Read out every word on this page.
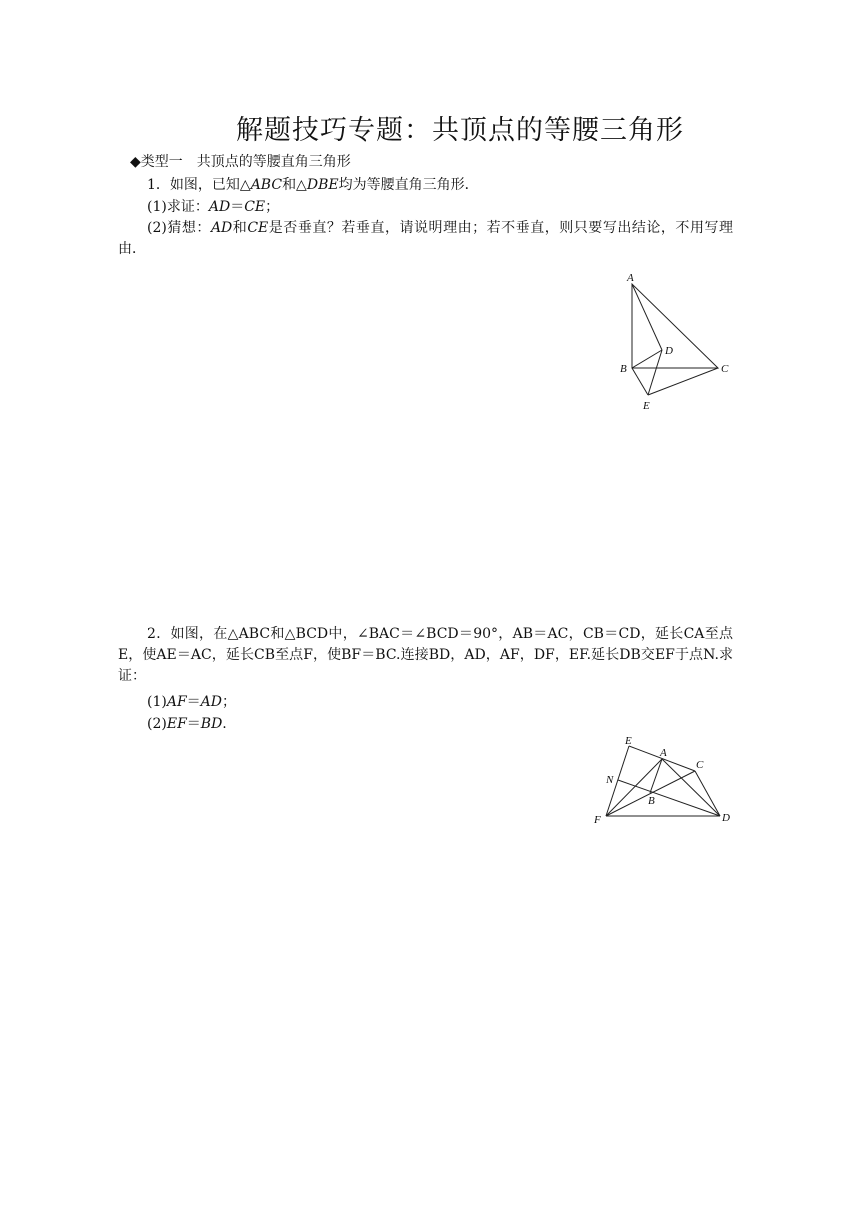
解题技巧专题：共顶点的等腰三角形
◆类型一　共顶点的等腰直角三角形
1．如图，已知△ABC和△DBE均为等腰直角三角形．
(1)求证：AD＝CE；
(2)猜想：AD和CE是否垂直？若垂直，请说明理由；若不垂直，则只要写出结论，不用写理由．
A
B	C
D
E
2．如图，在△ABC和△BCD中，∠BAC＝∠BCD＝90°，AB＝AC，CB＝CD，延长CA至点E，使AE＝AC，延长CB至点F，使BF＝BC.连接BD，AD，AF，DF，EF.延长DB交EF于点N.求证：
(1)AF＝AD；
(2)EF＝BD.
E
A
C
N
B
F	D
